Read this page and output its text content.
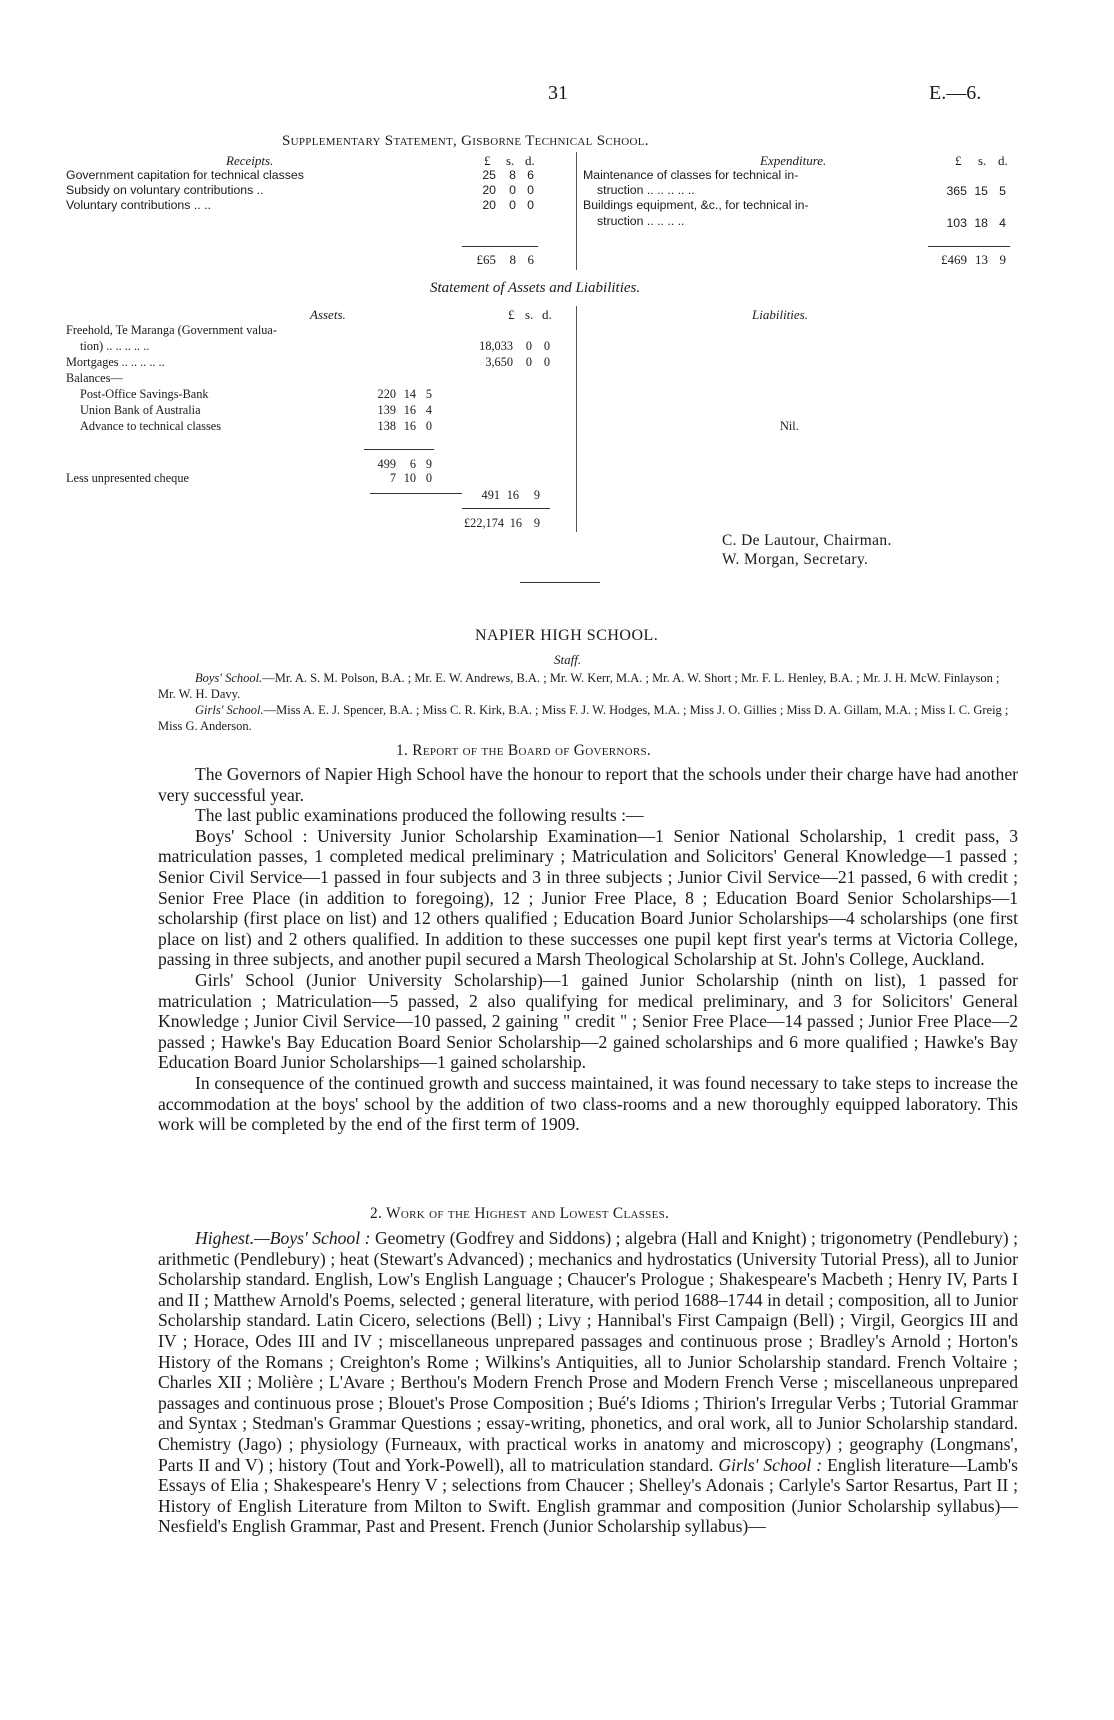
31	E.—6.
Supplementary Statement, Gisborne Technical School.
Receipts.	£ s. d.
Government capitation for technical classes	25	8 6
Subsidy on voluntary contributions ..	20	0 0
Voluntary contributions .. ..	20	0 0
£65	8 6
Expenditure.	£ s. d.
Maintenance of classes for technical in-
struction .. .. .. .. ..	365 15 5
Buildings equipment, &c., for technical in-
struction .. .. .. ..	103 18 4
£469 13 9
Statement of Assets and Liabilities.
Assets.	£ s. d.	Liabilities.
Freehold, Te Maranga (Government valua-
tion) .. .. .. .. ..	18,033	0 0
Mortgages .. .. .. .. ..	3,650	0 0
Balances—
Post-Office Savings-Bank	220 14 5
Union Bank of Australia	139 16 4
Advance to technical classes	138 16 0	Nil.
499	6 9
Less unpresented cheque	7 10 0
491 16	9
£22,174 16 9
C. De Lautour, Chairman.
W. Morgan, Secretary.
NAPIER HIGH SCHOOL.
Staff.

Boys' School.—Mr. A. S. M. Polson, B.A. ; Mr. E. W. Andrews, B.A. ; Mr. W. Kerr, M.A. ; Mr. A. W. Short ; Mr. F. L. Henley, B.A. ; Mr. J. H. McW. Finlayson ; Mr. W. H. Davy.

Girls' School.—Miss A. E. J. Spencer, B.A. ; Miss C. R. Kirk, B.A. ; Miss F. J. W. Hodges, M.A. ; Miss J. O. Gillies ; Miss D. A. Gillam, M.A. ; Miss I. C. Greig ; Miss G. Anderson.

1. Report of the Board of Governors.

The Governors of Napier High School have the honour to report that the schools under their charge have had another very successful year.

The last public examinations produced the following results :—

Boys' School : University Junior Scholarship Examination—1 Senior National Scholarship, 1 credit pass, 3 matriculation passes, 1 completed medical preliminary ; Matriculation and Solicitors' General Knowledge—1 passed ; Senior Civil Service—1 passed in four subjects and 3 in three subjects ; Junior Civil Service—21 passed, 6 with credit ; Senior Free Place (in addition to foregoing), 12 ; Junior Free Place, 8 ; Education Board Senior Scholarships—1 scholarship (first place on list) and 12 others qualified ; Education Board Junior Scholarships—4 scholarships (one first place on list) and 2 others qualified. In addition to these successes one pupil kept first year's terms at Victoria College, passing in three subjects, and another pupil secured a Marsh Theological Scholarship at St. John's College, Auckland.

Girls' School (Junior University Scholarship)—1 gained Junior Scholarship (ninth on list), 1 passed for matriculation ; Matriculation—5 passed, 2 also qualifying for medical preliminary, and 3 for Solicitors' General Knowledge ; Junior Civil Service—10 passed, 2 gaining " credit " ; Senior Free Place—14 passed ; Junior Free Place—2 passed ; Hawke's Bay Education Board Senior Scholarship—2 gained scholarships and 6 more qualified ; Hawke's Bay Education Board Junior Scholarships—1 gained scholarship.

In consequence of the continued growth and success maintained, it was found necessary to take steps to increase the accommodation at the boys' school by the addition of two class-rooms and a new thoroughly equipped laboratory. This work will be completed by the end of the first term of 1909.

2. Work of the Highest and Lowest Classes.

Highest.—Boys' School : Geometry (Godfrey and Siddons) ; algebra (Hall and Knight) ; trigonometry (Pendlebury) ; arithmetic (Pendlebury) ; heat (Stewart's Advanced) ; mechanics and hydrostatics (University Tutorial Press), all to Junior Scholarship standard. English, Low's English Language ; Chaucer's Prologue ; Shakespeare's Macbeth ; Henry IV, Parts I and II ; Matthew Arnold's Poems, selected ; general literature, with period 1688–1744 in detail ; composition, all to Junior Scholarship standard. Latin Cicero, selections (Bell) ; Livy ; Hannibal's First Campaign (Bell) ; Virgil, Georgics III and IV ; Horace, Odes III and IV ; miscellaneous unprepared passages and continuous prose ; Bradley's Arnold ; Horton's History of the Romans ; Creighton's Rome ; Wilkins's Antiquities, all to Junior Scholarship standard. French Voltaire ; Charles XII ; Molière ; L'Avare ; Berthou's Modern French Prose and Modern French Verse ; miscellaneous unprepared passages and continuous prose ; Blouet's Prose Composition ; Bué's Idioms ; Thirion's Irregular Verbs ; Tutorial Grammar and Syntax ; Stedman's Grammar Questions ; essay-writing, phonetics, and oral work, all to Junior Scholarship standard. Chemistry (Jago) ; physiology (Furneaux, with practical works in anatomy and microscopy) ; geography (Longmans', Parts II and V) ; history (Tout and York-Powell), all to matriculation standard. Girls' School : English literature—Lamb's Essays of Elia ; Shakespeare's Henry V ; selections from Chaucer ; Shelley's Adonais ; Carlyle's Sartor Resartus, Part II ; History of English Literature from Milton to Swift. English grammar and composition (Junior Scholarship syllabus)—Nesfield's English Grammar, Past and Present. French (Junior Scholarship syllabus)—
